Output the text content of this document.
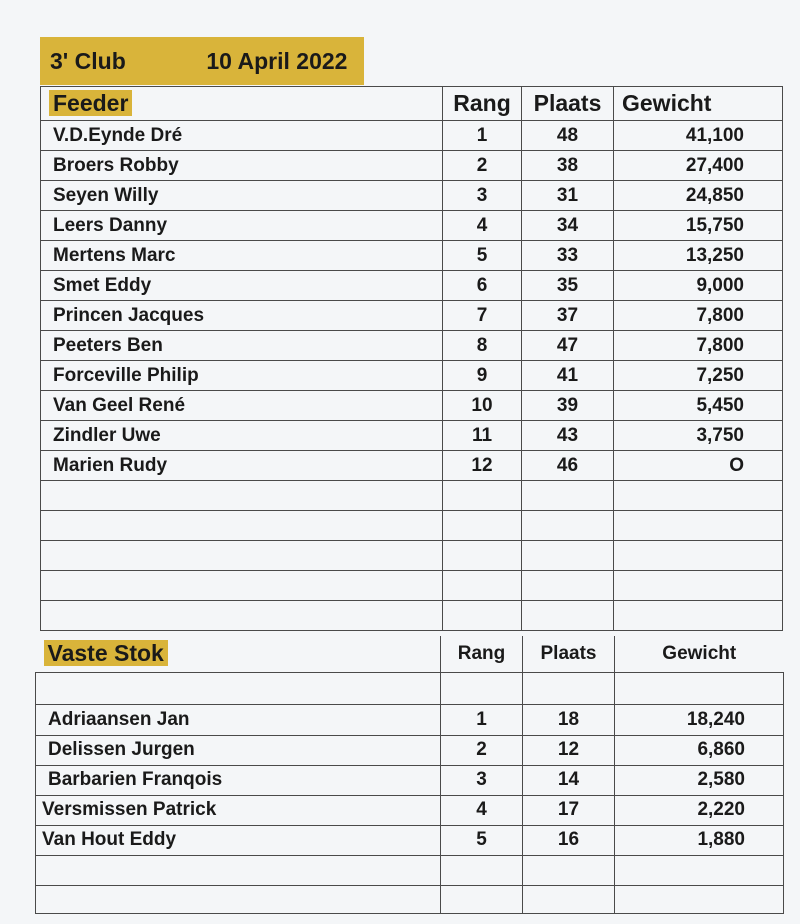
3' Club	10 April 2022
Feeder	Rang	Plaats	Gewicht
V.D.Eynde Dré	1	48	41,100
Broers Robby	2	38	27,400
Seyen Willy	3	31	24,850
Leers Danny	4	34	15,750
Mertens Marc	5	33	13,250
Smet Eddy	6	35	9,000
Princen Jacques	7	37	7,800
Peeters Ben	8	47	7,800
Forceville Philip	9	41	7,250
Van Geel René	10	39	5,450
Zindler Uwe	11	43	3,750
Marien Rudy	12	46	O

Vaste Stok	Rang	Plaats	Gewicht

Adriaansen Jan	1	18	18,240
Delissen Jurgen	2	12	6,860
Barbarien Franqois	3	14	2,580
Versmissen Patrick	4	17	2,220
Van Hout Eddy	5	16	1,880
